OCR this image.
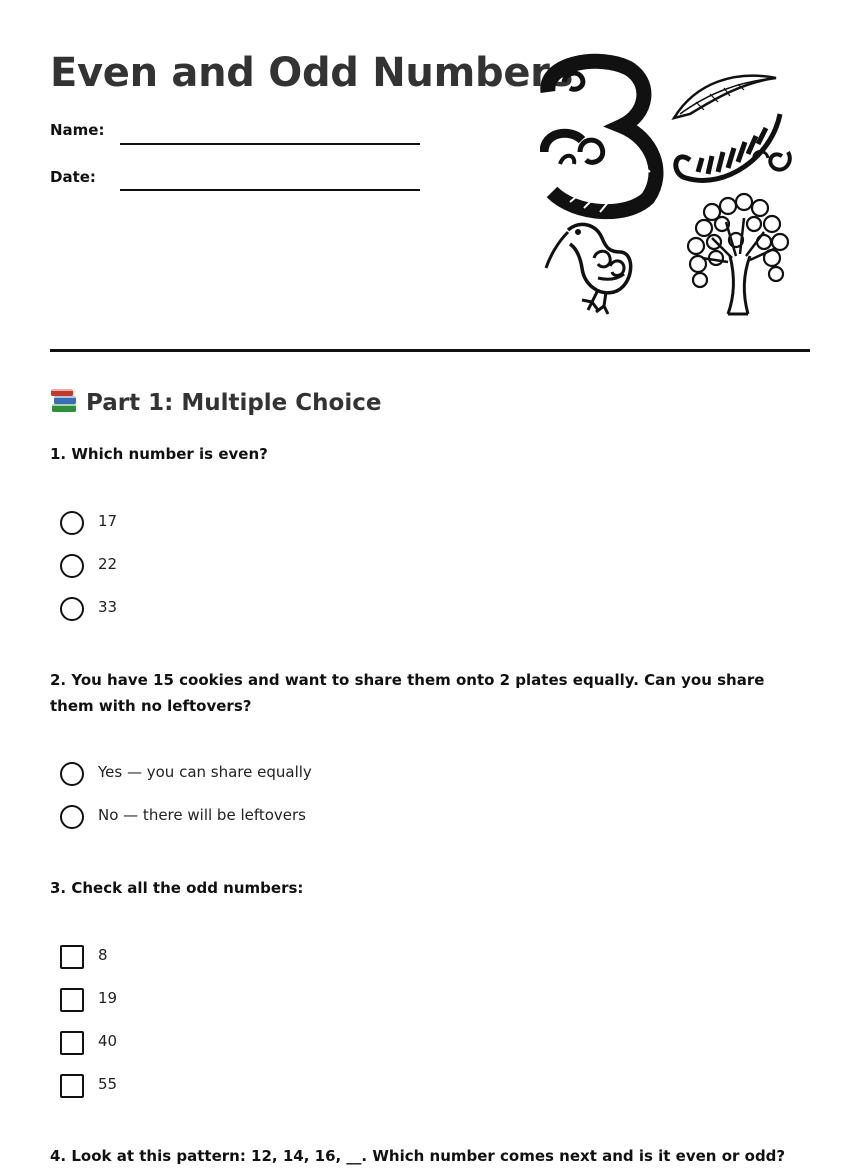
Even and Odd Numbers
Name:
Date:
Part 1: Multiple Choice
1. Which number is even?
17
22
33
2. You have 15 cookies and want to share them onto 2 plates equally. Can you share them with no leftovers?
Yes — you can share equally
No — there will be leftovers
3. Check all the odd numbers:
8
19
40
55
4. Look at this pattern: 12, 14, 16, __. Which number comes next and is it even or odd?
